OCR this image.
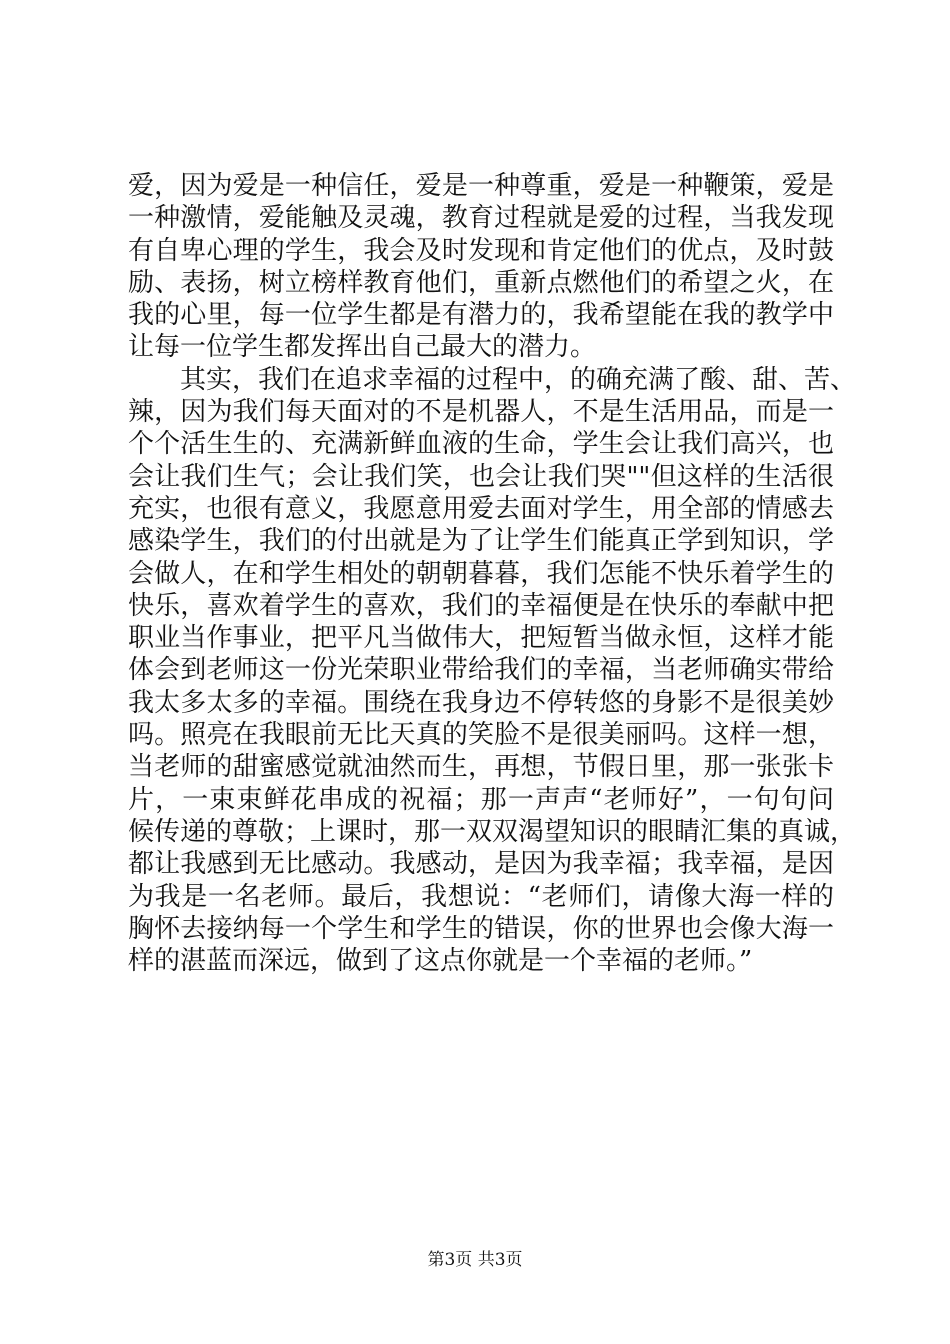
爱，因为爱是一种信任，爱是一种尊重，爱是一种鞭策，爱是
一种激情，爱能触及灵魂，教育过程就是爱的过程，当我发现
有自卑心理的学生，我会及时发现和肯定他们的优点，及时鼓
励、表扬，树立榜样教育他们，重新点燃他们的希望之火，在
我的心里，每一位学生都是有潜力的，我希望能在我的教学中
让每一位学生都发挥出自己最大的潜力。
　　其实，我们在追求幸福的过程中，的确充满了酸、甜、苦、
辣，因为我们每天面对的不是机器人，不是生活用品，而是一
个个活生生的、充满新鲜血液的生命，学生会让我们高兴，也
会让我们生气；会让我们笑，也会让我们哭""但这样的生活很
充实，也很有意义，我愿意用爱去面对学生，用全部的情感去
感染学生，我们的付出就是为了让学生们能真正学到知识，学
会做人，在和学生相处的朝朝暮暮，我们怎能不快乐着学生的
快乐，喜欢着学生的喜欢，我们的幸福便是在快乐的奉献中把
职业当作事业，把平凡当做伟大，把短暂当做永恒，这样才能
体会到老师这一份光荣职业带给我们的幸福，当老师确实带给
我太多太多的幸福。围绕在我身边不停转悠的身影不是很美妙
吗。照亮在我眼前无比天真的笑脸不是很美丽吗。这样一想，
当老师的甜蜜感觉就油然而生，再想，节假日里，那一张张卡
片，一束束鲜花串成的祝福；那一声声“老师好”，一句句问
候传递的尊敬；上课时，那一双双渴望知识的眼睛汇集的真诚，
都让我感到无比感动。我感动，是因为我幸福；我幸福，是因
为我是一名老师。最后，我想说：“老师们，请像大海一样的
胸怀去接纳每一个学生和学生的错误，你的世界也会像大海一
样的湛蓝而深远，做到了这点你就是一个幸福的老师。”
第3页 共3页
